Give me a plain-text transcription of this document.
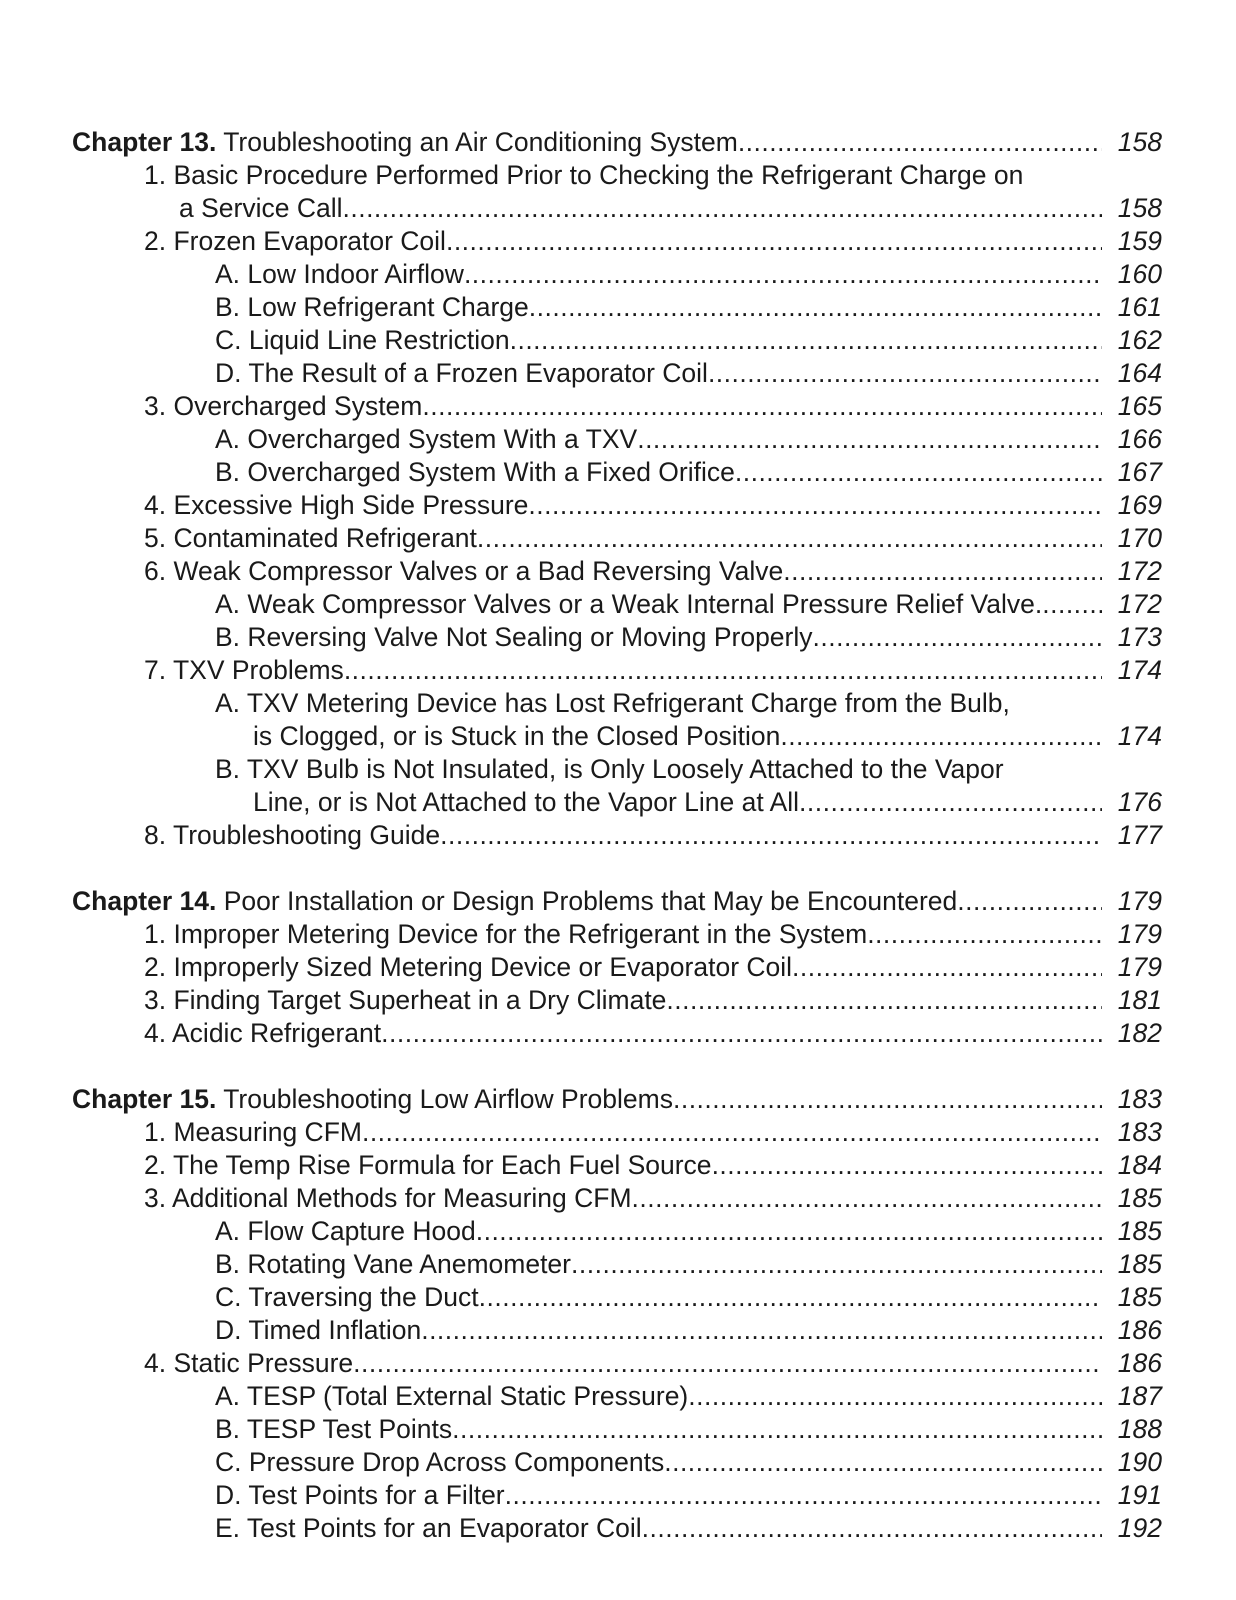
Chapter 13. Troubleshooting an Air Conditioning System .....	158
1. Basic Procedure Performed Prior to Checking the Refrigerant Charge on
a Service Call .....	158
2. Frozen Evaporator Coil .....	159
A. Low Indoor Airflow .....	160
B. Low Refrigerant Charge .....	161
C. Liquid Line Restriction .....	162
D. The Result of a Frozen Evaporator Coil .....	164
3. Overcharged System .....	165
A. Overcharged System With a TXV .....	166
B. Overcharged System With a Fixed Orifice .....	167
4. Excessive High Side Pressure .....	169
5. Contaminated Refrigerant .....	170
6. Weak Compressor Valves or a Bad Reversing Valve .....	172
A. Weak Compressor Valves or a Weak Internal Pressure Relief Valve. .....	172
B. Reversing Valve Not Sealing or Moving Properly .....	173
7. TXV Problems .....	174
A. TXV Metering Device has Lost Refrigerant Charge from the Bulb,
is Clogged, or is Stuck in the Closed Position .....	174
B. TXV Bulb is Not Insulated, is Only Loosely Attached to the Vapor
Line, or is Not Attached to the Vapor Line at All .....	176
8. Troubleshooting Guide .....	177
Chapter 14. Poor Installation or Design Problems that May be Encountered .....	179
1. Improper Metering Device for the Refrigerant in the System .....	179
2. Improperly Sized Metering Device or Evaporator Coil .....	179
3. Finding Target Superheat in a Dry Climate .....	181
4. Acidic Refrigerant .....	182
Chapter 15. Troubleshooting Low Airflow Problems .....	183
1. Measuring CFM .....	183
2. The Temp Rise Formula for Each Fuel Source .....	184
3. Additional Methods for Measuring CFM .....	185
A. Flow Capture Hood .....	185
B. Rotating Vane Anemometer .....	185
C. Traversing the Duct .....	185
D. Timed Inflation .....	186
4. Static Pressure .....	186
A. TESP (Total External Static Pressure) .....	187
B. TESP Test Points .....	188
C. Pressure Drop Across Components .....	190
D. Test Points for a Filter .....	191
E. Test Points for an Evaporator Coil .....	192
